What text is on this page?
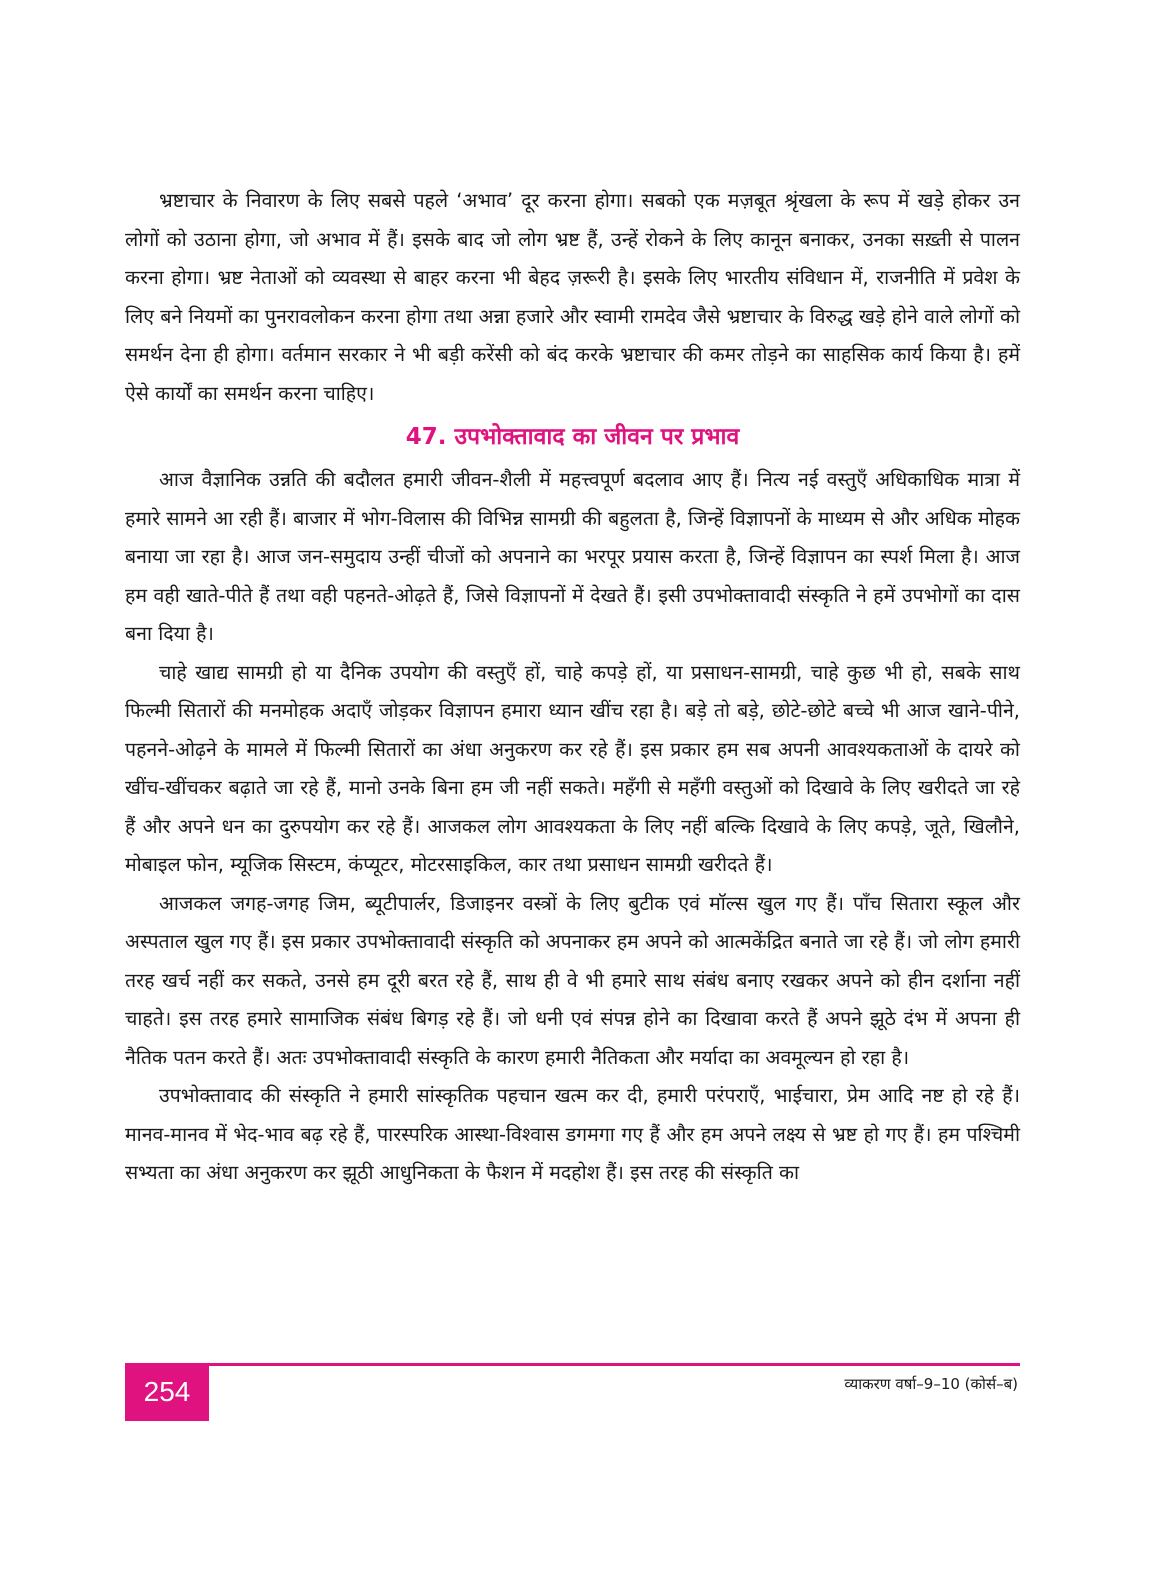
भ्रष्टाचार के निवारण के लिए सबसे पहले ‘अभाव’ दूर करना होगा। सबको एक मज़बूत श्रृंखला के रूप में खड़े होकर उन लोगों को उठाना होगा, जो अभाव में हैं। इसके बाद जो लोग भ्रष्ट हैं, उन्हें रोकने के लिए कानून बनाकर, उनका सख़्ती से पालन करना होगा। भ्रष्ट नेताओं को व्यवस्था से बाहर करना भी बेहद ज़रूरी है। इसके लिए भारतीय संविधान में, राजनीति में प्रवेश के लिए बने नियमों का पुनरावलोकन करना होगा तथा अन्ना हजारे और स्वामी रामदेव जैसे भ्रष्टाचार के विरुद्ध खड़े होने वाले लोगों को समर्थन देना ही होगा। वर्तमान सरकार ने भी बड़ी करेंसी को बंद करके भ्रष्टाचार की कमर तोड़ने का साहसिक कार्य किया है। हमें ऐसे कार्यों का समर्थन करना चाहिए।

47. उपभोक्तावाद का जीवन पर प्रभाव

आज वैज्ञानिक उन्नति की बदौलत हमारी जीवन-शैली में महत्त्वपूर्ण बदलाव आए हैं। नित्य नई वस्तुएँ अधिकाधिक मात्रा में हमारे सामने आ रही हैं। बाजार में भोग-विलास की विभिन्न सामग्री की बहुलता है, जिन्हें विज्ञापनों के माध्यम से और अधिक मोहक बनाया जा रहा है। आज जन-समुदाय उन्हीं चीजों को अपनाने का भरपूर प्रयास करता है, जिन्हें विज्ञापन का स्पर्श मिला है। आज हम वही खाते-पीते हैं तथा वही पहनते-ओढ़ते हैं, जिसे विज्ञापनों में देखते हैं। इसी उपभोक्तावादी संस्कृति ने हमें उपभोगों का दास बना दिया है।

चाहे खाद्य सामग्री हो या दैनिक उपयोग की वस्तुएँ हों, चाहे कपड़े हों, या प्रसाधन-सामग्री, चाहे कुछ भी हो, सबके साथ फिल्मी सितारों की मनमोहक अदाएँ जोड़कर विज्ञापन हमारा ध्यान खींच रहा है। बड़े तो बड़े, छोटे-छोटे बच्चे भी आज खाने-पीने, पहनने-ओढ़ने के मामले में फिल्मी सितारों का अंधा अनुकरण कर रहे हैं। इस प्रकार हम सब अपनी आवश्यकताओं के दायरे को खींच-खींचकर बढ़ाते जा रहे हैं, मानो उनके बिना हम जी नहीं सकते। महँगी से महँगी वस्तुओं को दिखावे के लिए खरीदते जा रहे हैं और अपने धन का दुरुपयोग कर रहे हैं। आजकल लोग आवश्यकता के लिए नहीं बल्कि दिखावे के लिए कपड़े, जूते, खिलौने, मोबाइल फोन, म्यूजिक सिस्टम, कंप्यूटर, मोटरसाइकिल, कार तथा प्रसाधन सामग्री खरीदते हैं।

आजकल जगह-जगह जिम, ब्यूटीपार्लर, डिजाइनर वस्त्रों के लिए बुटीक एवं मॉल्स खुल गए हैं। पाँच सितारा स्कूल और अस्पताल खुल गए हैं। इस प्रकार उपभोक्तावादी संस्कृति को अपनाकर हम अपने को आत्मकेंद्रित बनाते जा रहे हैं। जो लोग हमारी तरह खर्च नहीं कर सकते, उनसे हम दूरी बरत रहे हैं, साथ ही वे भी हमारे साथ संबंध बनाए रखकर अपने को हीन दर्शाना नहीं चाहते। इस तरह हमारे सामाजिक संबंध बिगड़ रहे हैं। जो धनी एवं संपन्न होने का दिखावा करते हैं अपने झूठे दंभ में अपना ही नैतिक पतन करते हैं। अतः उपभोक्तावादी संस्कृति के कारण हमारी नैतिकता और मर्यादा का अवमूल्यन हो रहा है।

उपभोक्तावाद की संस्कृति ने हमारी सांस्कृतिक पहचान खत्म कर दी, हमारी परंपराएँ, भाईचारा, प्रेम आदि नष्ट हो रहे हैं। मानव-मानव में भेद-भाव बढ़ रहे हैं, पारस्परिक आस्था-विश्वास डगमगा गए हैं और हम अपने लक्ष्य से भ्रष्ट हो गए हैं। हम पश्चिमी सभ्यता का अंधा अनुकरण कर झूठी आधुनिकता के फैशन में मदहोश हैं। इस तरह की संस्कृति का

254	व्याकरण वर्षा–9–10 (कोर्स–ब)
